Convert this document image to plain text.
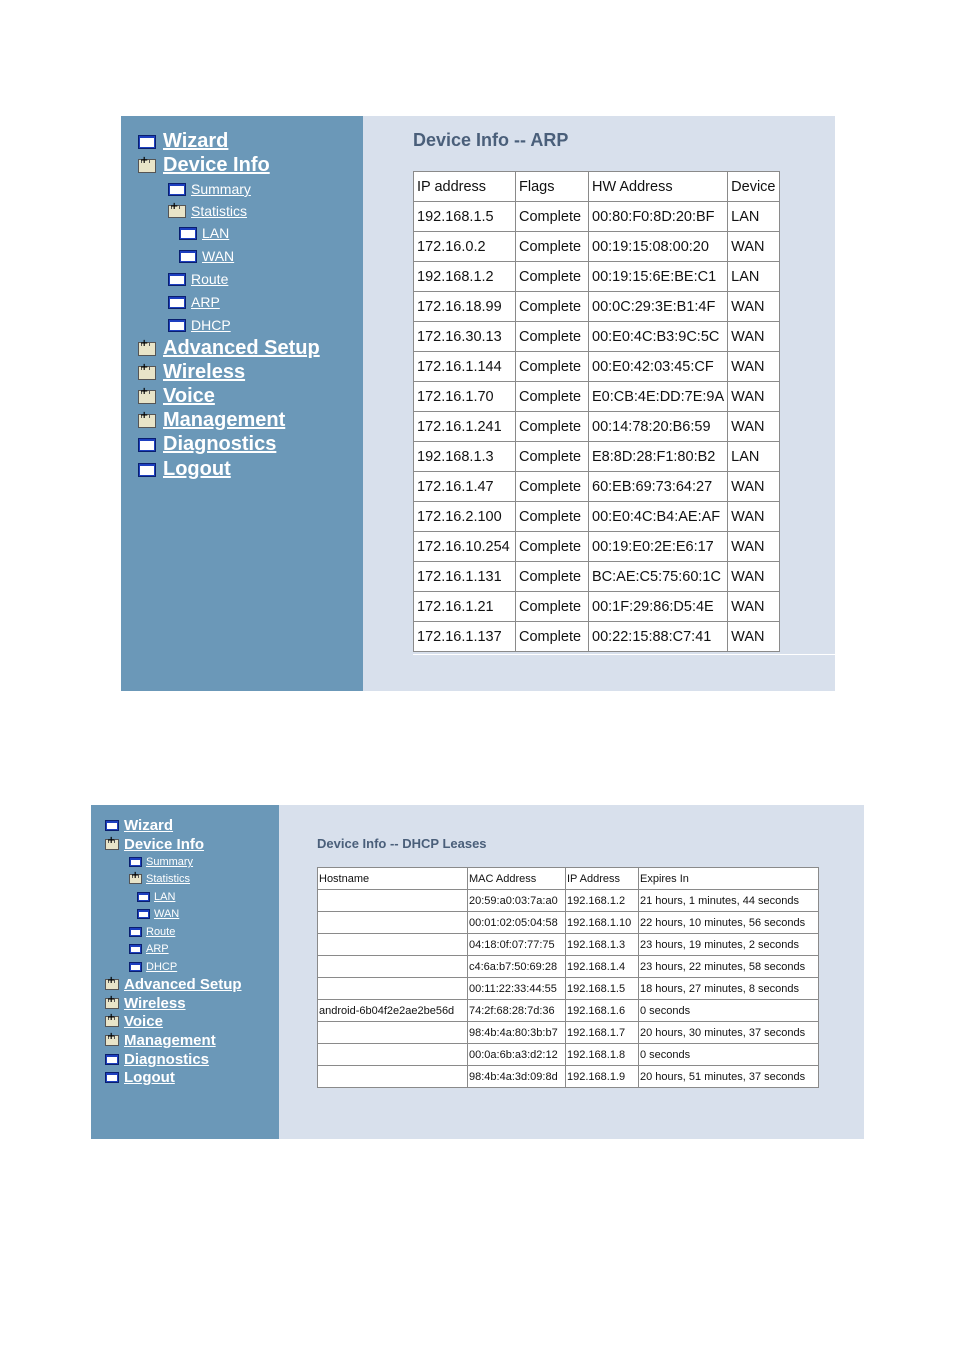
Wizard
+
Device Info
Summary
+
Statistics
LAN
WAN
Route
ARP
DHCP
+
Advanced Setup
+
Wireless
+
Voice
+
Management
Diagnostics
Logout
Device Info -- ARP
IP address	Flags	HW Address	Device
192.168.1.5	Complete	00:80:F0:8D:20:BF	LAN
172.16.0.2	Complete	00:19:15:08:00:20	WAN
192.168.1.2	Complete	00:19:15:6E:BE:C1	LAN
172.16.18.99	Complete	00:0C:29:3E:B1:4F	WAN
172.16.30.13	Complete	00:E0:4C:B3:9C:5C	WAN
172.16.1.144	Complete	00:E0:42:03:45:CF	WAN
172.16.1.70	Complete	E0:CB:4E:DD:7E:9A	WAN
172.16.1.241	Complete	00:14:78:20:B6:59	WAN
192.168.1.3	Complete	E8:8D:28:F1:80:B2	LAN
172.16.1.47	Complete	60:EB:69:73:64:27	WAN
172.16.2.100	Complete	00:E0:4C:B4:AE:AF	WAN
172.16.10.254	Complete	00:19:E0:2E:E6:17	WAN
172.16.1.131	Complete	BC:AE:C5:75:60:1C	WAN
172.16.1.21	Complete	00:1F:29:86:D5:4E	WAN
172.16.1.137	Complete	00:22:15:88:C7:41	WAN
Wizard
+
Device Info
Summary
+
Statistics
LAN
WAN
Route
ARP
DHCP
+
Advanced Setup
+
Wireless
+
Voice
+
Management
Diagnostics
Logout
Device Info -- DHCP Leases
Hostname	MAC Address	IP Address	Expires In
	20:59:a0:03:7a:a0	192.168.1.2	21 hours, 1 minutes, 44 seconds
	00:01:02:05:04:58	192.168.1.10	22 hours, 10 minutes, 56 seconds
	04:18:0f:07:77:75	192.168.1.3	23 hours, 19 minutes, 2 seconds
	c4:6a:b7:50:69:28	192.168.1.4	23 hours, 22 minutes, 58 seconds
	00:11:22:33:44:55	192.168.1.5	18 hours, 27 minutes, 8 seconds
android-6b04f2e2ae2be56d	74:2f:68:28:7d:36	192.168.1.6	0 seconds
	98:4b:4a:80:3b:b7	192.168.1.7	20 hours, 30 minutes, 37 seconds
	00:0a:6b:a3:d2:12	192.168.1.8	0 seconds
	98:4b:4a:3d:09:8d	192.168.1.9	20 hours, 51 minutes, 37 seconds
